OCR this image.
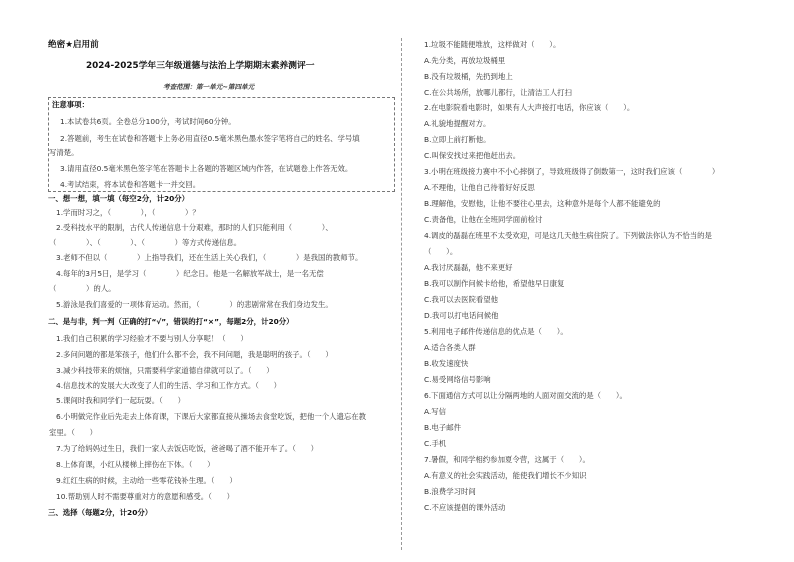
绝密★启用前
2024-2025学年三年级道德与法治上学期期末素养测评一
考查范围：第一单元~第四单元
注意事项：
1.本试卷共6页。全卷总分100分，考试时间60分钟。
2.答题前，考生在试卷和答题卡上务必用直径0.5毫米黑色墨水签字笔将自己的姓名、学号填
写清楚。
3.请用直径0.5毫米黑色签字笔在答题卡上各题的答题区域内作答，在试题卷上作答无效。
4.考试结束，将本试卷和答题卡一并交回。
一、想一想，填一填（每空2分，计20分）
1.学而时习之，（　　　　），（　　　　）？
2.受科技水平的限制，古代人传递信息十分艰难，那时的人们只能利用（　　　　）、
（　　　　）、（　　　　）、（　　　　）等方式传递信息。
3.老师不但以（　　　　）上指导我们，还在生活上关心我们，（　　　　）是我国的教师节。
4.每年的3月5日，是学习（　　　　）纪念日。他是一名解放军战士，是一名无偿
（　　　　）的人。
5.游泳是我们喜爱的一项体育运动。然而，（　　　　）的悲剧常常在我们身边发生。
二、是与非，判一判（正确的打“√”，错误的打“×”，每题2分，计20分）
1.我们自己积累的学习经验才不要与别人分享呢！（　　）
2.多问问题的都是笨孩子，他们什么都不会，我不问问题，我是聪明的孩子。（　　）
3.减少科技带来的烦恼，只需要科学家道德自律就可以了。（　　）
4.信息技术的发展大大改变了人们的生活、学习和工作方式。（　　）
5.课间时我和同学们一起玩耍。（　　）
6.小明做完作业后先走去上体育课，下课后大家都直接从操场去食堂吃饭，把他一个人遗忘在教
室里。（　　）
7.为了给妈妈过生日，我们一家人去饭店吃饭，爸爸喝了酒不能开车了。（　　）
8.上体育课，小红从楼梯上摔伤在下体。（　　）
9.红红生病的时候，主动给一些零花钱补生理。（　　）
10.帮助别人时不需要尊重对方的意愿和感受。（　　）
三、选择（每题2分，计20分）
1.垃圾不能随便堆放，这样做对（　　）。
A.先分类，再放垃圾桶里
B.没有垃圾桶，先扔到地上
C.在公共场所，放哪儿都行，让清洁工人打扫
2.在电影院看电影时，如果有人大声接打电话，你应该（　　）。
A.礼貌地提醒对方。
B.立即上前打断他。
C.叫保安找过来把他赶出去。
3.小明在班级接力赛中不小心摔倒了，导致班级得了倒数第一，这时我们应该（　　　　）
A.不理他，让他自己待着好好反思
B.理解他，安慰他，让他不要往心里去，这种意外是每个人都不能避免的
C.责备他，让他在全班同学面前检讨
4.调皮的磊磊在班里不太受欢迎，可是这几天他生病住院了。下列做法你认为不恰当的是
（　　）。
A.我讨厌磊磊，他不来更好
B.我可以制作问候卡给他，希望他早日康复
C.我可以去医院看望他
D.我可以打电话问候他
5.利用电子邮件传递信息的优点是（　　）。
A.适合各类人群
B.收发速度快
C.易受网络信号影响
6.下面通信方式可以让分隔两地的人面对面交流的是（　　）。
A.写信
B.电子邮件
C.手机
7.暑假，和同学相约参加夏令营，这属于（　　）。
A.有意义的社会实践活动，能使我们增长不少知识
B.浪费学习时间
C.不应该提倡的课外活动
